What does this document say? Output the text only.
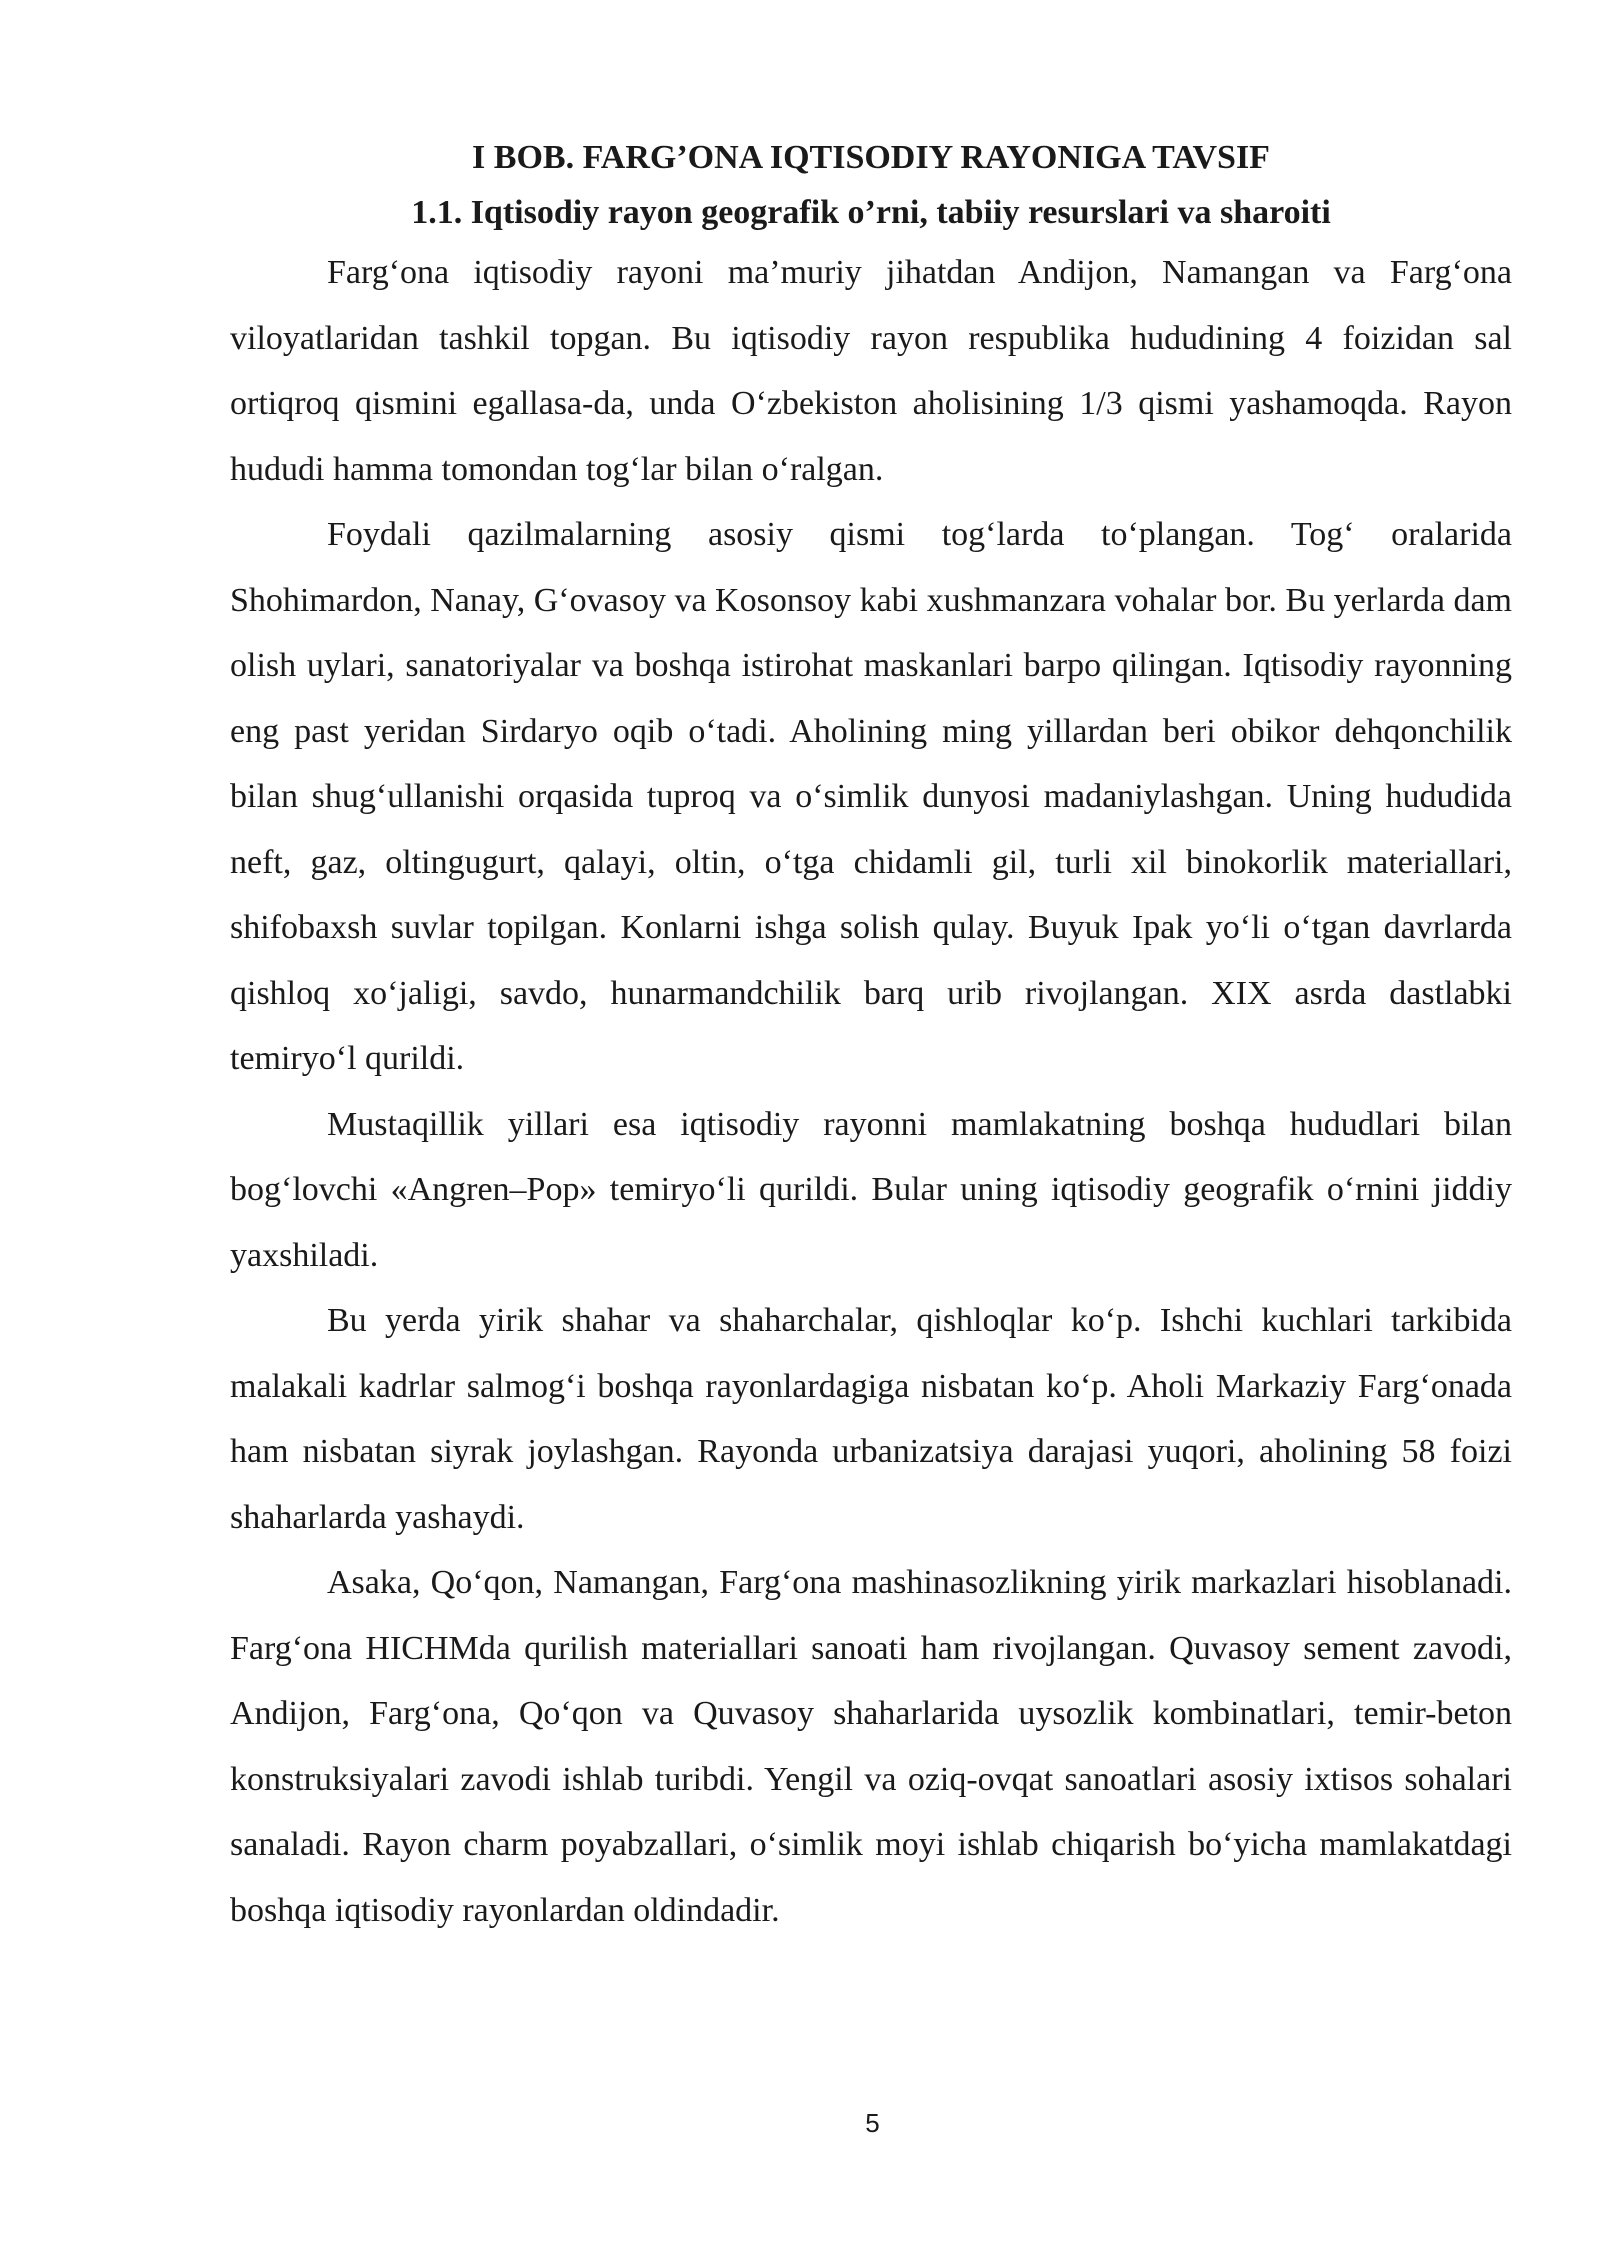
I BOB. FARG’ONA IQTISODIY RAYONIGA TAVSIF
1.1. Iqtisodiy rayon geografik o’rni, tabiiy resurslari va sharoiti

Farg‘ona iqtisodiy rayoni ma’muriy jihatdan Andijon, Namangan va Farg‘ona viloyatlaridan tashkil topgan. Bu iqtisodiy rayon respublika hududining 4 foizidan sal ortiqroq qismini egallasa-da, unda O‘zbekiston aholisining 1/3 qismi yashamoqda. Rayon hududi hamma tomondan tog‘lar bilan o‘ralgan.

Foydali qazilmalarning asosiy qismi tog‘larda to‘plangan. Tog‘ oralarida Shohimardon, Nanay, G‘ovasoy va Kosonsoy kabi xushmanzara vohalar bor. Bu yerlarda dam olish uylari, sanatoriyalar va boshqa istirohat maskanlari barpo qilingan. Iqtisodiy rayonning eng past yeridan Sirdaryo oqib o‘tadi. Aholining ming yillardan beri obikor dehqonchilik bilan shug‘ullanishi orqasida tuproq va o‘simlik dunyosi madaniylashgan. Uning hududida neft, gaz, oltingugurt, qalayi, oltin, o‘tga chidamli gil, turli xil binokorlik materiallari, shifobaxsh suvlar topilgan. Konlarni ishga solish qulay. Buyuk Ipak yo‘li o‘tgan davrlarda qishloq xo‘jaligi, savdo, hunarmandchilik barq urib rivojlangan. XIX asrda dastlabki temiryo‘l qurildi.

Mustaqillik yillari esa iqtisodiy rayonni mamlakatning boshqa hududlari bilan bog‘lovchi «Angren–Pop» temiryo‘li qurildi. Bular uning iqtisodiy geografik o‘rnini jiddiy yaxshiladi.

Bu yerda yirik shahar va shaharchalar, qishloqlar ko‘p. Ishchi kuchlari tarkibida malakali kadrlar salmog‘i boshqa rayonlardagiga nisbatan ko‘p. Aholi Markaziy Farg‘onada ham nisbatan siyrak joylashgan. Rayonda urbanizatsiya darajasi yuqori, aholining 58 foizi shaharlarda yashaydi.

Asaka, Qo‘qon, Namangan, Farg‘ona mashinasozlikning yirik markazlari hisoblanadi. Farg‘ona HICHMda qurilish materiallari sanoati ham rivojlangan. Quvasoy sement zavodi, Andijon, Farg‘ona, Qo‘qon va Quvasoy shaharlarida uysozlik kombinatlari, temir-beton konstruksiyalari zavodi ishlab turibdi. Yengil va oziq-ovqat sanoatlari asosiy ixtisos sohalari sanaladi. Rayon charm poyabzallari, o‘simlik moyi ishlab chiqarish bo‘yicha mamlakatdagi boshqa iqtisodiy rayonlardan oldindadir.

5
